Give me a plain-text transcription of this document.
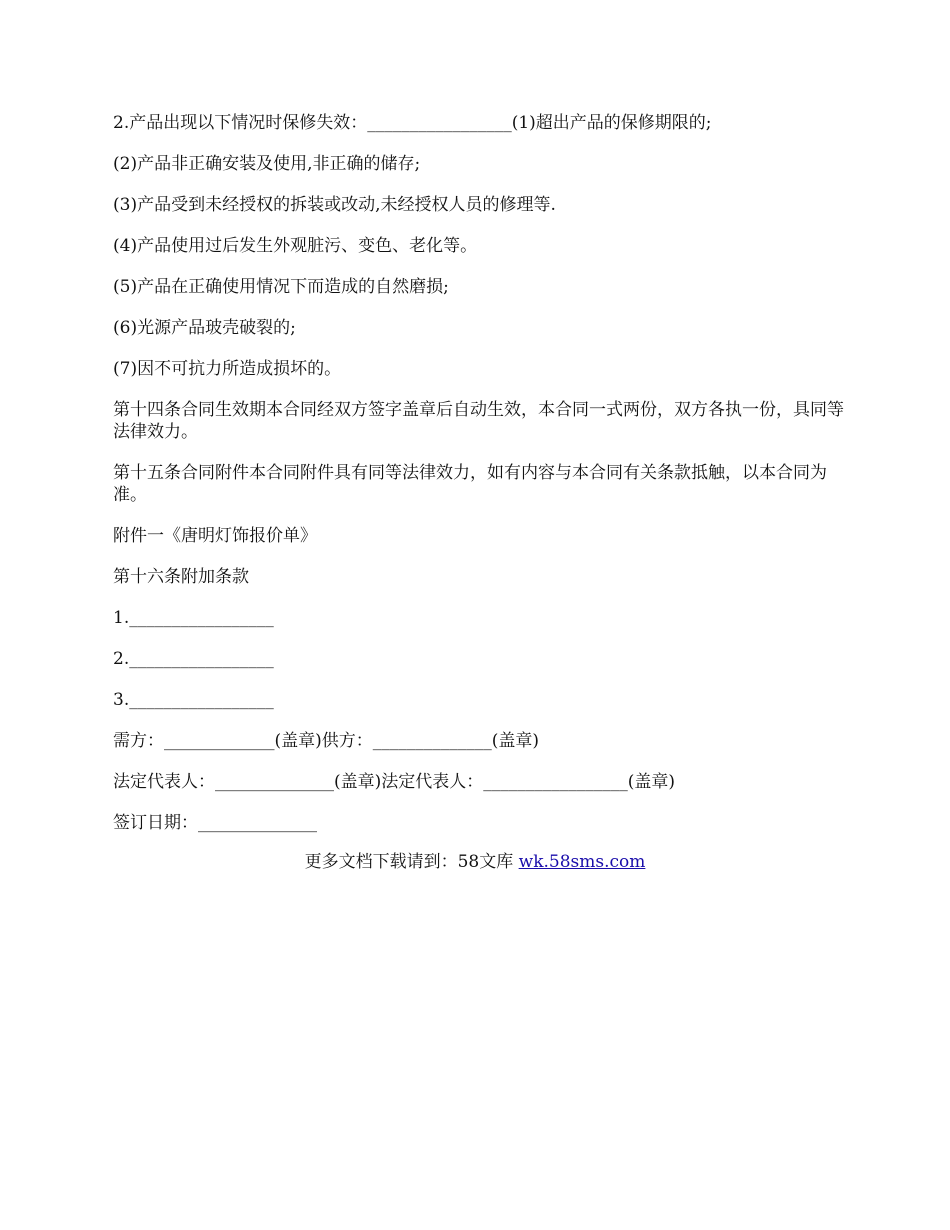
2.产品出现以下情况时保修失效：_________________(1)超出产品的保修期限的;

(2)产品非正确安装及使用,非正确的储存;

(3)产品受到未经授权的拆装或改动,未经授权人员的修理等.

(4)产品使用过后发生外观脏污、变色、老化等。

(5)产品在正确使用情况下而造成的自然磨损;

(6)光源产品玻壳破裂的;

(7)因不可抗力所造成损坏的。

第十四条合同生效期本合同经双方签字盖章后自动生效，本合同一式两份，双方各执一份，具同等法律效力。

第十五条合同附件本合同附件具有同等法律效力，如有内容与本合同有关条款抵触，以本合同为准。

附件一《唐明灯饰报价单》

第十六条附加条款

1._________________

2._________________

3._________________

需方：_____________(盖章)供方：______________(盖章)

法定代表人：______________(盖章)法定代表人：_________________(盖章)

签订日期：______________

更多文档下载请到：58文库 wk.58sms.com
